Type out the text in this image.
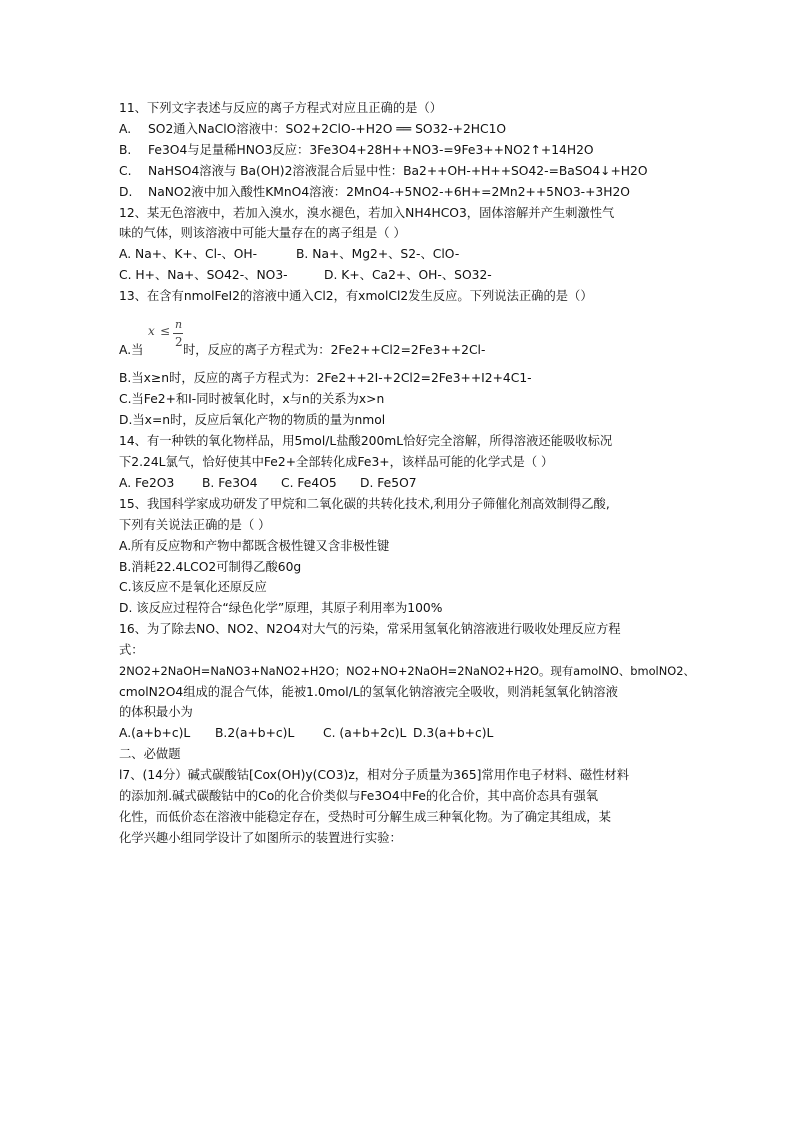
11、下列文字表述与反应的离子方程式对应且正确的是（）
A. SO2通入NaClO溶液中：SO2+2ClO-+H2O ══ SO32-+2HC1O
B. Fe3O4与足量稀HNO3反应：3Fe3O4+28H++NO3-=9Fe3++NO2↑+14H2O
C. NaHSO4溶液与 Ba(OH)2溶液混合后显中性：Ba2++OH-+H++SO42-=BaSO4↓+H2O
D. NaNO2液中加入酸性KMnO4溶液：2MnO4-+5NO2-+6H+=2Mn2++5NO3-+3H2O
12、某无色溶液中，若加入溴水，溴水褪色，若加入NH4HCO3，固体溶解并产生刺激性气
味的气体，则该溶液中可能大量存在的离子组是（ ）
A. Na+、K+、Cl-、OH-	B. Na+、Mg2+、S2-、ClO-
C. H+、Na+、SO42-、NO3-	D. K+、Ca2+、OH-、SO32-
13、在含有nmolFeI2的溶液中通入Cl2，有xmolCl2发生反应。下列说法正确的是（）
x ≤ n
2
A.当	时，反应的离子方程式为：2Fe2++Cl2=2Fe3++2Cl-
B.当x≥n时，反应的离子方程式为：2Fe2++2I-+2Cl2=2Fe3++I2+4C1-
C.当Fe2+和I-同时被氧化时，x与n的关系为x>n
D.当x=n时，反应后氧化产物的物质的量为nmol
14、有一种铁的氧化物样品，用5mol/L盐酸200mL恰好完全溶解，所得溶液还能吸收标况
下2.24L氯气，恰好使其中Fe2+全部转化成Fe3+，该样品可能的化学式是（ ）
A. Fe2O3 B. Fe3O4 C. Fe4O5 D. Fe5O7
15、我国科学家成功研发了甲烷和二氧化碳的共转化技术,利用分子筛催化剂高效制得乙酸,
下列有关说法正确的是（ ）
A.所有反应物和产物中都既含极性键又含非极性键
B.消耗22.4LCO2可制得乙酸60g
C.该反应不是氧化还原反应
D. 该反应过程符合“绿色化学”原理，其原子利用率为100%
16、为了除去NO、NO2、N2O4对大气的污染，常采用氢氧化钠溶液进行吸收处理反应方程
式：
2NO2+2NaOH=NaNO3+NaNO2+H2O；NO2+NO+2NaOH=2NaNO2+H2O。现有amolNO、bmolNO2、
cmolN2O4组成的混合气体，能被1.0mol/L的氢氧化钠溶液完全吸收，则消耗氢氧化钠溶液
的体积最小为
A.(a+b+c)L B.2(a+b+c)L C. (a+b+2c)L D.3(a+b+c)L
二、必做题
l7、(14分）碱式碳酸钴[Cox(OH)y(CO3)z，相对分子质量为365]常用作电子材料、磁性材料
的添加剂.碱式碳酸钴中的Co的化合价类似与Fe3O4中Fe的化合价，其中高价态具有强氧
化性，而低价态在溶液中能稳定存在，受热时可分解生成三种氧化物。为了确定其组成，某
化学兴趣小组同学设计了如图所示的装置进行实验：
